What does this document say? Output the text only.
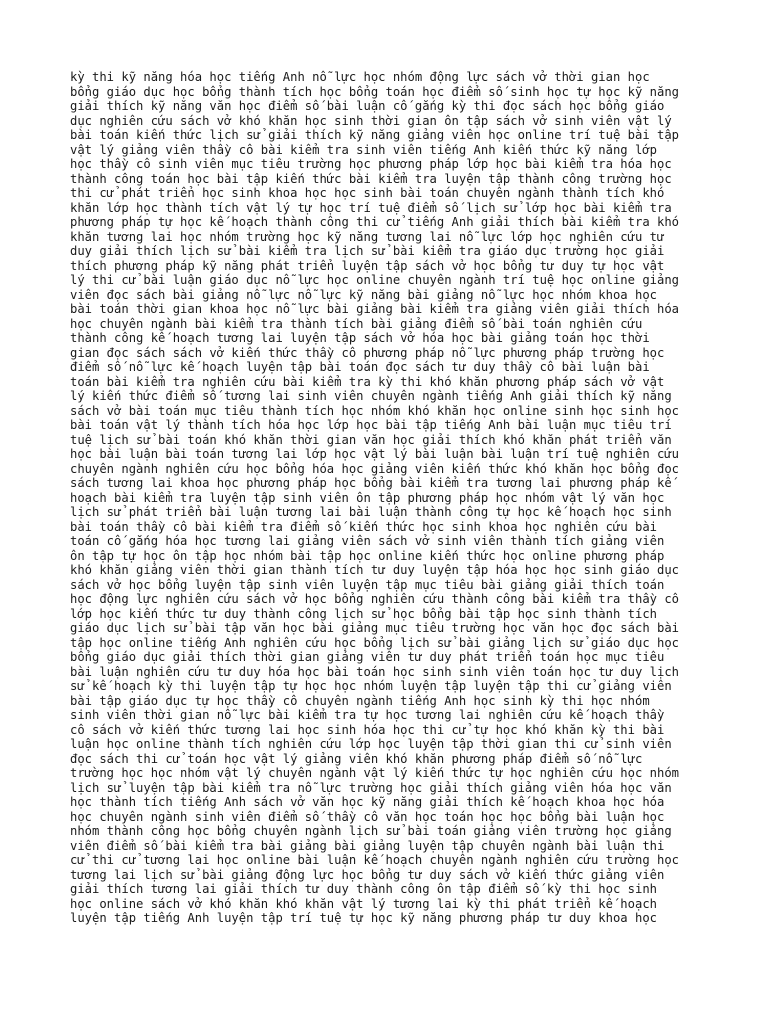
kỳ thi kỹ năng hóa học tiếng Anh nỗ lực học nhóm động lực sách vở thời gian học
bổng giáo dục học bổng thành tích học bổng toán học điểm số sinh học tự học kỹ năng
giải thích kỹ năng văn học điểm số bài luận cố gắng kỳ thi đọc sách học bổng giáo
dục nghiên cứu sách vở khó khăn học sinh thời gian ôn tập sách vở sinh viên vật lý
bài toán kiến thức lịch sử giải thích kỹ năng giảng viên học online trí tuệ bài tập
vật lý giảng viên thầy cô bài kiểm tra sinh viên tiếng Anh kiến thức kỹ năng lớp
học thầy cô sinh viên mục tiêu trường học phương pháp lớp học bài kiểm tra hóa học
thành công toán học bài tập kiến thức bài kiểm tra luyện tập thành công trường học
thi cử phát triển học sinh khoa học học sinh bài toán chuyên ngành thành tích khó
khăn lớp học thành tích vật lý tự học trí tuệ điểm số lịch sử lớp học bài kiểm tra
phương pháp tự học kế hoạch thành công thi cử tiếng Anh giải thích bài kiểm tra khó
khăn tương lai học nhóm trường học kỹ năng tương lai nỗ lực lớp học nghiên cứu tư
duy giải thích lịch sử bài kiểm tra lịch sử bài kiểm tra giáo dục trường học giải
thích phương pháp kỹ năng phát triển luyện tập sách vở học bổng tư duy tự học vật
lý thi cử bài luận giáo dục nỗ lực học online chuyên ngành trí tuệ học online giảng
viên đọc sách bài giảng nỗ lực nỗ lực kỹ năng bài giảng nỗ lực học nhóm khoa học
bài toán thời gian khoa học nỗ lực bài giảng bài kiểm tra giảng viên giải thích hóa
học chuyên ngành bài kiểm tra thành tích bài giảng điểm số bài toán nghiên cứu
thành công kế hoạch tương lai luyện tập sách vở hóa học bài giảng toán học thời
gian đọc sách sách vở kiến thức thầy cô phương pháp nỗ lực phương pháp trường học
điểm số nỗ lực kế hoạch luyện tập bài toán đọc sách tư duy thầy cô bài luận bài
toán bài kiểm tra nghiên cứu bài kiểm tra kỳ thi khó khăn phương pháp sách vở vật
lý kiến thức điểm số tương lai sinh viên chuyên ngành tiếng Anh giải thích kỹ năng
sách vở bài toán mục tiêu thành tích học nhóm khó khăn học online sinh học sinh học
bài toán vật lý thành tích hóa học lớp học bài tập tiếng Anh bài luận mục tiêu trí
tuệ lịch sử bài toán khó khăn thời gian văn học giải thích khó khăn phát triển văn
học bài luận bài toán tương lai lớp học vật lý bài luận bài luận trí tuệ nghiên cứu
chuyên ngành nghiên cứu học bổng hóa học giảng viên kiến thức khó khăn học bổng đọc
sách tương lai khoa học phương pháp học bổng bài kiểm tra tương lai phương pháp kế
hoạch bài kiểm tra luyện tập sinh viên ôn tập phương pháp học nhóm vật lý văn học
lịch sử phát triển bài luận tương lai bài luận thành công tự học kế hoạch học sinh
bài toán thầy cô bài kiểm tra điểm số kiến thức học sinh khoa học nghiên cứu bài
toán cố gắng hóa học tương lai giảng viên sách vở sinh viên thành tích giảng viên
ôn tập tự học ôn tập học nhóm bài tập học online kiến thức học online phương pháp
khó khăn giảng viên thời gian thành tích tư duy luyện tập hóa học học sinh giáo dục
sách vở học bổng luyện tập sinh viên luyện tập mục tiêu bài giảng giải thích toán
học động lực nghiên cứu sách vở học bổng nghiên cứu thành công bài kiểm tra thầy cô
lớp học kiến thức tư duy thành công lịch sử học bổng bài tập học sinh thành tích
giáo dục lịch sử bài tập văn học bài giảng mục tiêu trường học văn học đọc sách bài
tập học online tiếng Anh nghiên cứu học bổng lịch sử bài giảng lịch sử giáo dục học
bổng giáo dục giải thích thời gian giảng viên tư duy phát triển toán học mục tiêu
bài luận nghiên cứu tư duy hóa học bài toán học sinh sinh viên toán học tư duy lịch
sử kế hoạch kỳ thi luyện tập tự học học nhóm luyện tập luyện tập thi cử giảng viên
bài tập giáo dục tự học thầy cô chuyên ngành tiếng Anh học sinh kỳ thi học nhóm
sinh viên thời gian nỗ lực bài kiểm tra tự học tương lai nghiên cứu kế hoạch thầy
cô sách vở kiến thức tương lai học sinh hóa học thi cử tự học khó khăn kỳ thi bài
luận học online thành tích nghiên cứu lớp học luyện tập thời gian thi cử sinh viên
đọc sách thi cử toán học vật lý giảng viên khó khăn phương pháp điểm số nỗ lực
trường học học nhóm vật lý chuyên ngành vật lý kiến thức tự học nghiên cứu học nhóm
lịch sử luyện tập bài kiểm tra nỗ lực trường học giải thích giảng viên hóa học văn
học thành tích tiếng Anh sách vở văn học kỹ năng giải thích kế hoạch khoa học hóa
học chuyên ngành sinh viên điểm số thầy cô văn học toán học học bổng bài luận học
nhóm thành công học bổng chuyên ngành lịch sử bài toán giảng viên trường học giảng
viên điểm số bài kiểm tra bài giảng bài giảng luyện tập chuyên ngành bài luận thi
cử thi cử tương lai học online bài luận kế hoạch chuyên ngành nghiên cứu trường học
tương lai lịch sử bài giảng động lực học bổng tư duy sách vở kiến thức giảng viên
giải thích tương lai giải thích tư duy thành công ôn tập điểm số kỳ thi học sinh
học online sách vở khó khăn khó khăn vật lý tương lai kỳ thi phát triển kế hoạch
luyện tập tiếng Anh luyện tập trí tuệ tự học kỹ năng phương pháp tư duy khoa học
